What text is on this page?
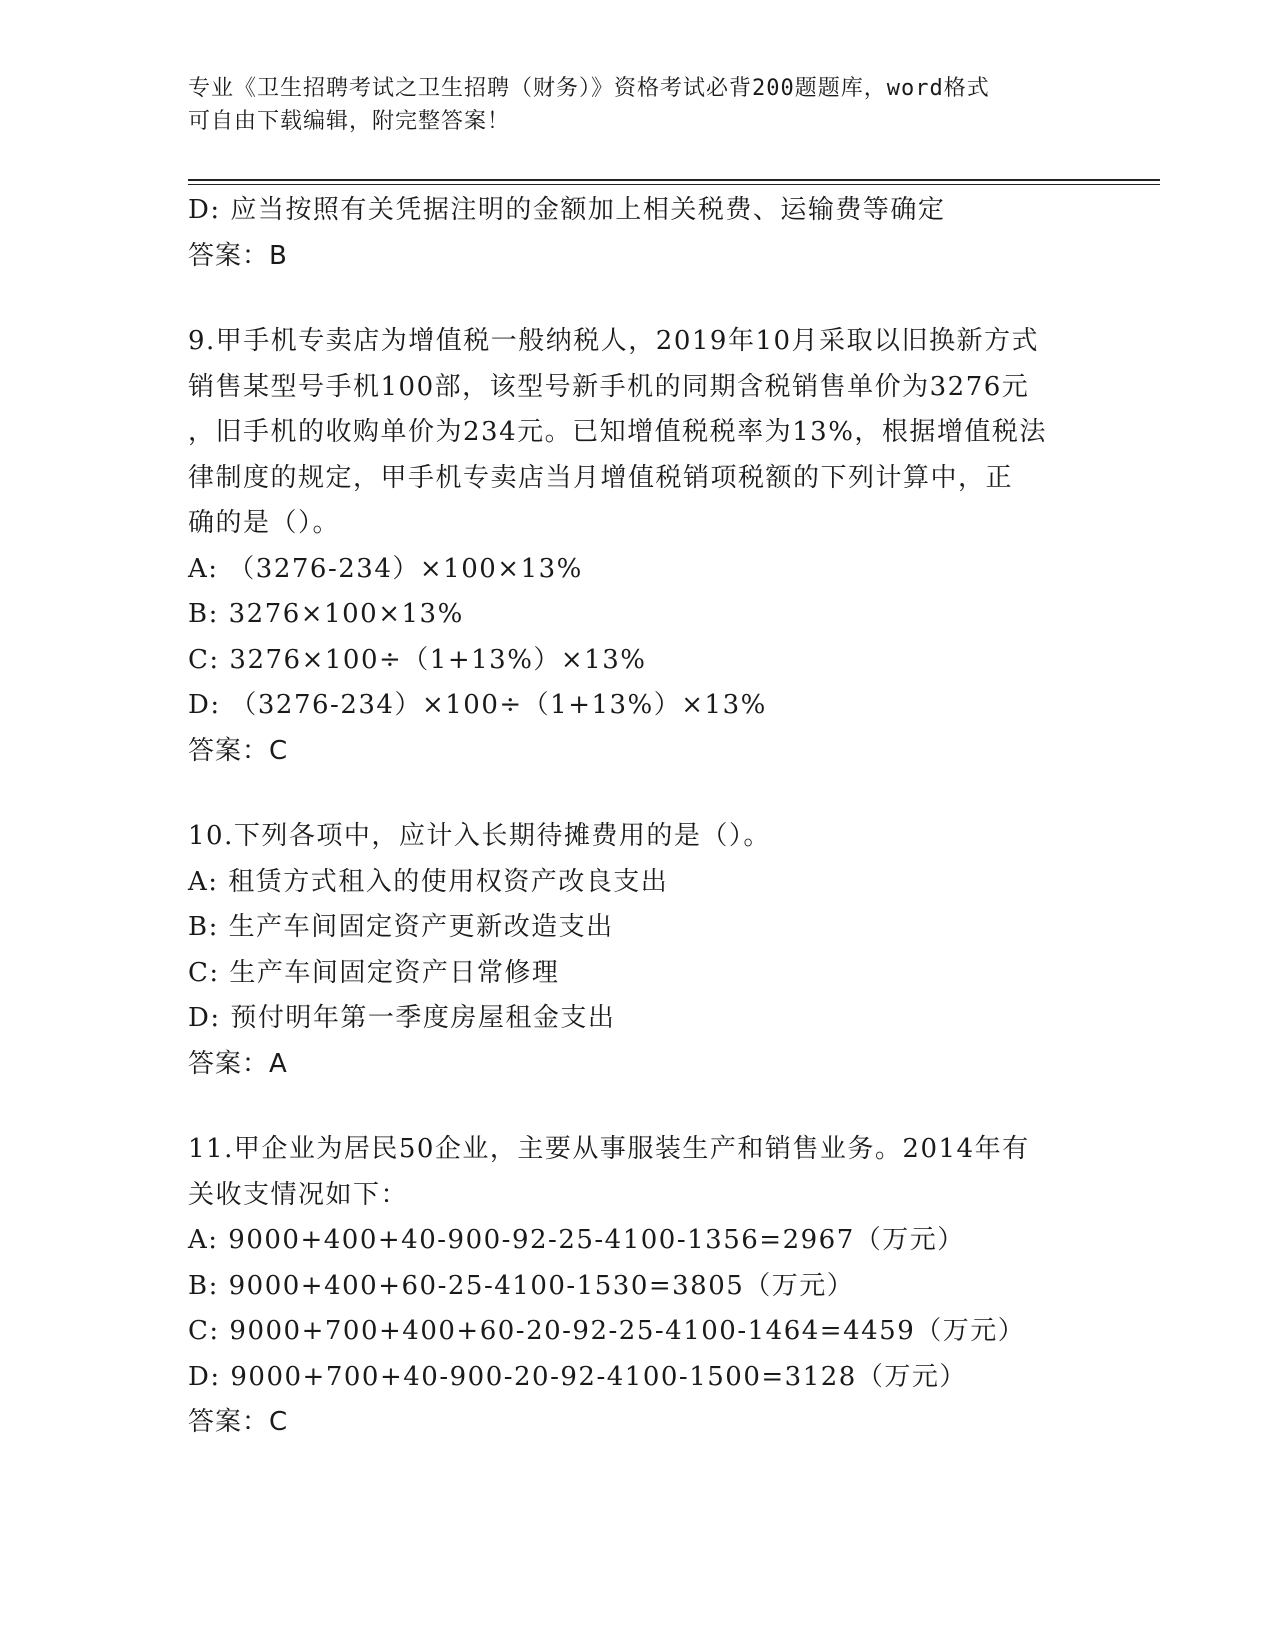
专业《卫生招聘考试之卫生招聘（财务）》资格考试必背200题题库，word格式
可自由下载编辑，附完整答案！
D: 应当按照有关凭据注明的金额加上相关税费、运输费等确定
答案：B
9.甲手机专卖店为增值税一般纳税人，2019年10月采取以旧换新方式
销售某型号手机100部，该型号新手机的同期含税销售单价为3276元
，旧手机的收购单价为234元。已知增值税税率为13%，根据增值税法
律制度的规定，甲手机专卖店当月增值税销项税额的下列计算中，正
确的是（）。
A: （3276-234）×100×13%
B: 3276×100×13%
C: 3276×100÷（1+13%）×13%
D: （3276-234）×100÷（1+13%）×13%
答案：C
10.下列各项中，应计入长期待摊费用的是（）。
A: 租赁方式租入的使用权资产改良支出
B: 生产车间固定资产更新改造支出
C: 生产车间固定资产日常修理
D: 预付明年第一季度房屋租金支出
答案：A
11.甲企业为居民50企业，主要从事服装生产和销售业务。2014年有
关收支情况如下：
A: 9000+400+40-900-92-25-4100-1356=2967（万元）
B: 9000+400+60-25-4100-1530=3805（万元）
C: 9000+700+400+60-20-92-25-4100-1464=4459（万元）
D: 9000+700+40-900-20-92-4100-1500=3128（万元）
答案：C
